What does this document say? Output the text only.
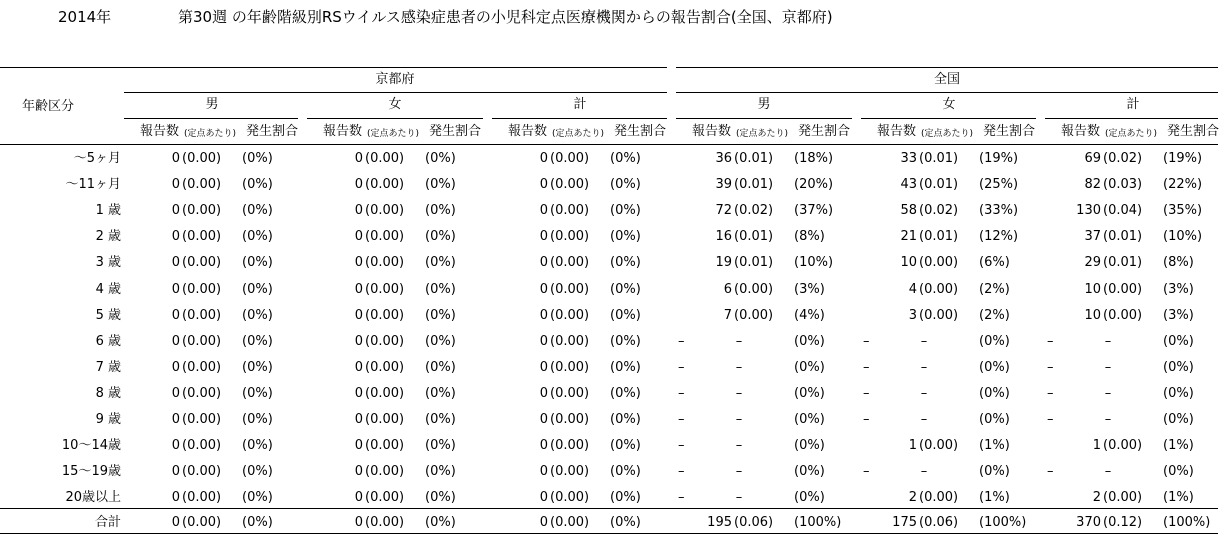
2014年	第30週 の年齢階級別RSウイルス感染症患者の小児科定点医療機関からの報告割合(全国、京都府)
京都府	全国
年齢区分	男
報告数 (定点あたり) 発生割合
女
報告数 (定点あたり) 発生割合
計
報告数 (定点あたり) 発生割合
男
報告数 (定点あたり) 発生割合
女
報告数 (定点あたり) 発生割合
計
報告数 (定点あたり) 発生割合
～5ヶ月	0 (0.00) (0%)	0 (0.00) (0%)	0 (0.00) (0%)	36 (0.01) (18%)	33 (0.01) (19%)	69 (0.02) (19%)
～11ヶ月	0 (0.00) (0%)	0 (0.00) (0%)	0 (0.00) (0%)	39 (0.01) (20%)	43 (0.01) (25%)	82 (0.03) (22%)
1 歳	0 (0.00) (0%)	0 (0.00) (0%)	0 (0.00) (0%)	72 (0.02) (37%)	58 (0.02) (33%)	130 (0.04) (35%)
2 歳	0 (0.00) (0%)	0 (0.00) (0%)	0 (0.00) (0%)	16 (0.01) (8%)	21 (0.01) (12%)	37 (0.01) (10%)
3 歳	0 (0.00) (0%)	0 (0.00) (0%)	0 (0.00) (0%)	19 (0.01) (10%)	10 (0.00) (6%)	29 (0.01) (8%)
4 歳	0 (0.00) (0%)	0 (0.00) (0%)	0 (0.00) (0%)	6 (0.00) (3%)	4 (0.00) (2%)	10 (0.00) (3%)
5 歳	0 (0.00) (0%)	0 (0.00) (0%)	0 (0.00) (0%)	7 (0.00) (4%)	3 (0.00) (2%)	10 (0.00) (3%)
6 歳	0 (0.00) (0%)	0 (0.00) (0%)	0 (0.00) (0%)	–	–	(0%)	–	–	(0%)	–	–	(0%)
7 歳	0 (0.00) (0%)	0 (0.00) (0%)	0 (0.00) (0%)	–	–	(0%)	–	–	(0%)	–	–	(0%)
8 歳	0 (0.00) (0%)	0 (0.00) (0%)	0 (0.00) (0%)	–	–	(0%)	–	–	(0%)	–	–	(0%)
9 歳	0 (0.00) (0%)	0 (0.00) (0%)	0 (0.00) (0%)	–	–	(0%)	–	–	(0%)	–	–	(0%)
10～14歳	0 (0.00) (0%)	0 (0.00) (0%)	0 (0.00) (0%)	–	–	(0%)	1 (0.00) (1%)	1 (0.00) (1%)
15～19歳	0 (0.00) (0%)	0 (0.00) (0%)	0 (0.00) (0%)	–	–	(0%)	–	–	(0%)	–	–	(0%)
20歳以上	0 (0.00) (0%)	0 (0.00) (0%)	0 (0.00) (0%)	–	–	(0%)	2 (0.00) (1%)	2 (0.00) (1%)
合計	0 (0.00) (0%)	0 (0.00) (0%)	0 (0.00) (0%)	195 (0.06) (100%)	175 (0.06) (100%)	370 (0.12) (100%)
